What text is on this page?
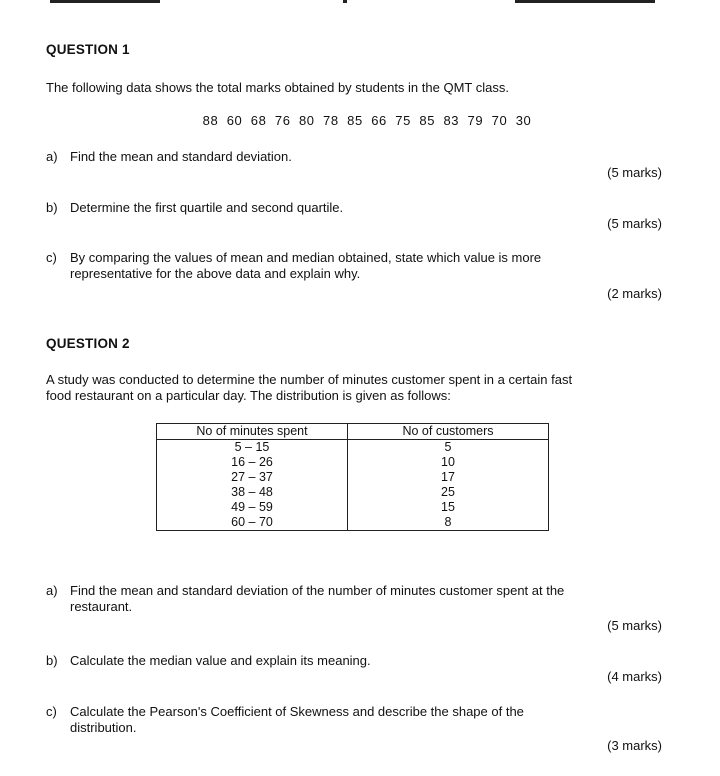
QUESTION 1
The following data shows the total marks obtained by students in the QMT class.
88  60  68  76  80  78  85  66  75  85  83  79  70  30
a) Find the mean and standard deviation.
(5 marks)
b) Determine the first quartile and second quartile.
(5 marks)
c) By comparing the values of mean and median obtained, state which value is more
representative for the above data and explain why.
(2 marks)
QUESTION 2
A study was conducted to determine the number of minutes customer spent in a certain fast
food restaurant on a particular day. The distribution is given as follows:
No of minutes spent	No of customers
5 – 15	5
16 – 26	10
27 – 37	17
38 – 48	25
49 – 59	15
60 – 70	8
a) Find the mean and standard deviation of the number of minutes customer spent at the
restaurant.
(5 marks)
b) Calculate the median value and explain its meaning.
(4 marks)
c) Calculate the Pearson's Coefficient of Skewness and describe the shape of the
distribution.
(3 marks)
